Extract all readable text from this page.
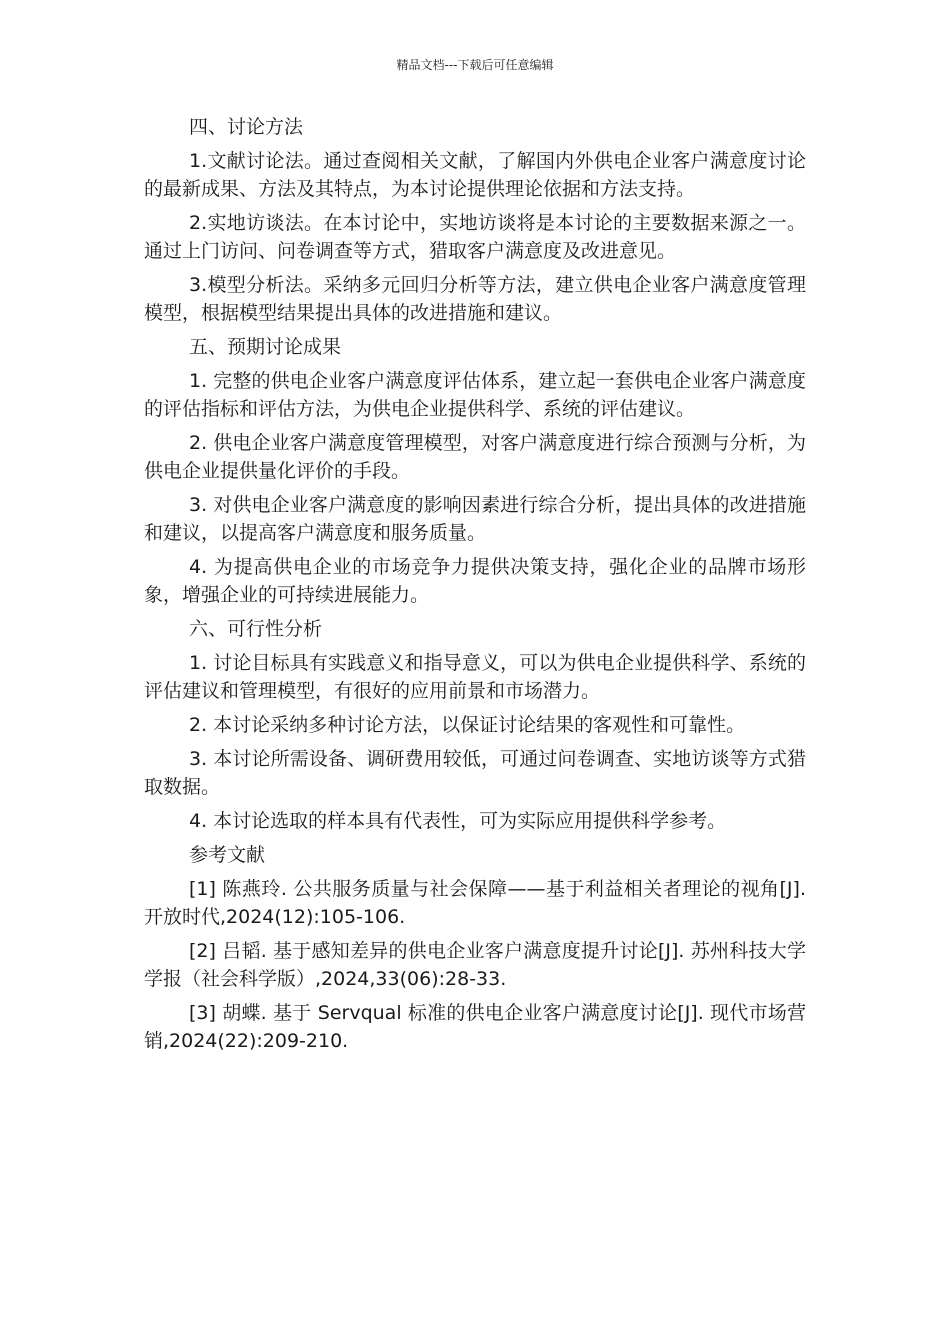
精品文档---下载后可任意编辑
四、讨论方法
1.文献讨论法。通过查阅相关文献，了解国内外供电企业客户满意度讨论的最新成果、方法及其特点，为本讨论提供理论依据和方法支持。
2.实地访谈法。在本讨论中，实地访谈将是本讨论的主要数据来源之一。通过上门访问、问卷调查等方式，猎取客户满意度及改进意见。
3.模型分析法。采纳多元回归分析等方法，建立供电企业客户满意度管理模型，根据模型结果提出具体的改进措施和建议。
五、预期讨论成果
1. 完整的供电企业客户满意度评估体系，建立起一套供电企业客户满意度的评估指标和评估方法，为供电企业提供科学、系统的评估建议。
2. 供电企业客户满意度管理模型，对客户满意度进行综合预测与分析，为供电企业提供量化评价的手段。
3. 对供电企业客户满意度的影响因素进行综合分析，提出具体的改进措施和建议，以提高客户满意度和服务质量。
4. 为提高供电企业的市场竞争力提供决策支持，强化企业的品牌市场形象，增强企业的可持续进展能力。
六、可行性分析
1. 讨论目标具有实践意义和指导意义，可以为供电企业提供科学、系统的评估建议和管理模型，有很好的应用前景和市场潜力。
2. 本讨论采纳多种讨论方法，以保证讨论结果的客观性和可靠性。
3. 本讨论所需设备、调研费用较低，可通过问卷调查、实地访谈等方式猎取数据。
4. 本讨论选取的样本具有代表性，可为实际应用提供科学参考。
参考文献
[1] 陈燕玲. 公共服务质量与社会保障——基于利益相关者理论的视角[J]. 开放时代,2024(12):105-106.
[2] 吕韬. 基于感知差异的供电企业客户满意度提升讨论[J]. 苏州科技大学学报（社会科学版）,2024,33(06):28-33.
[3] 胡蝶. 基于 Servqual 标准的供电企业客户满意度讨论[J]. 现代市场营销,2024(22):209-210.
